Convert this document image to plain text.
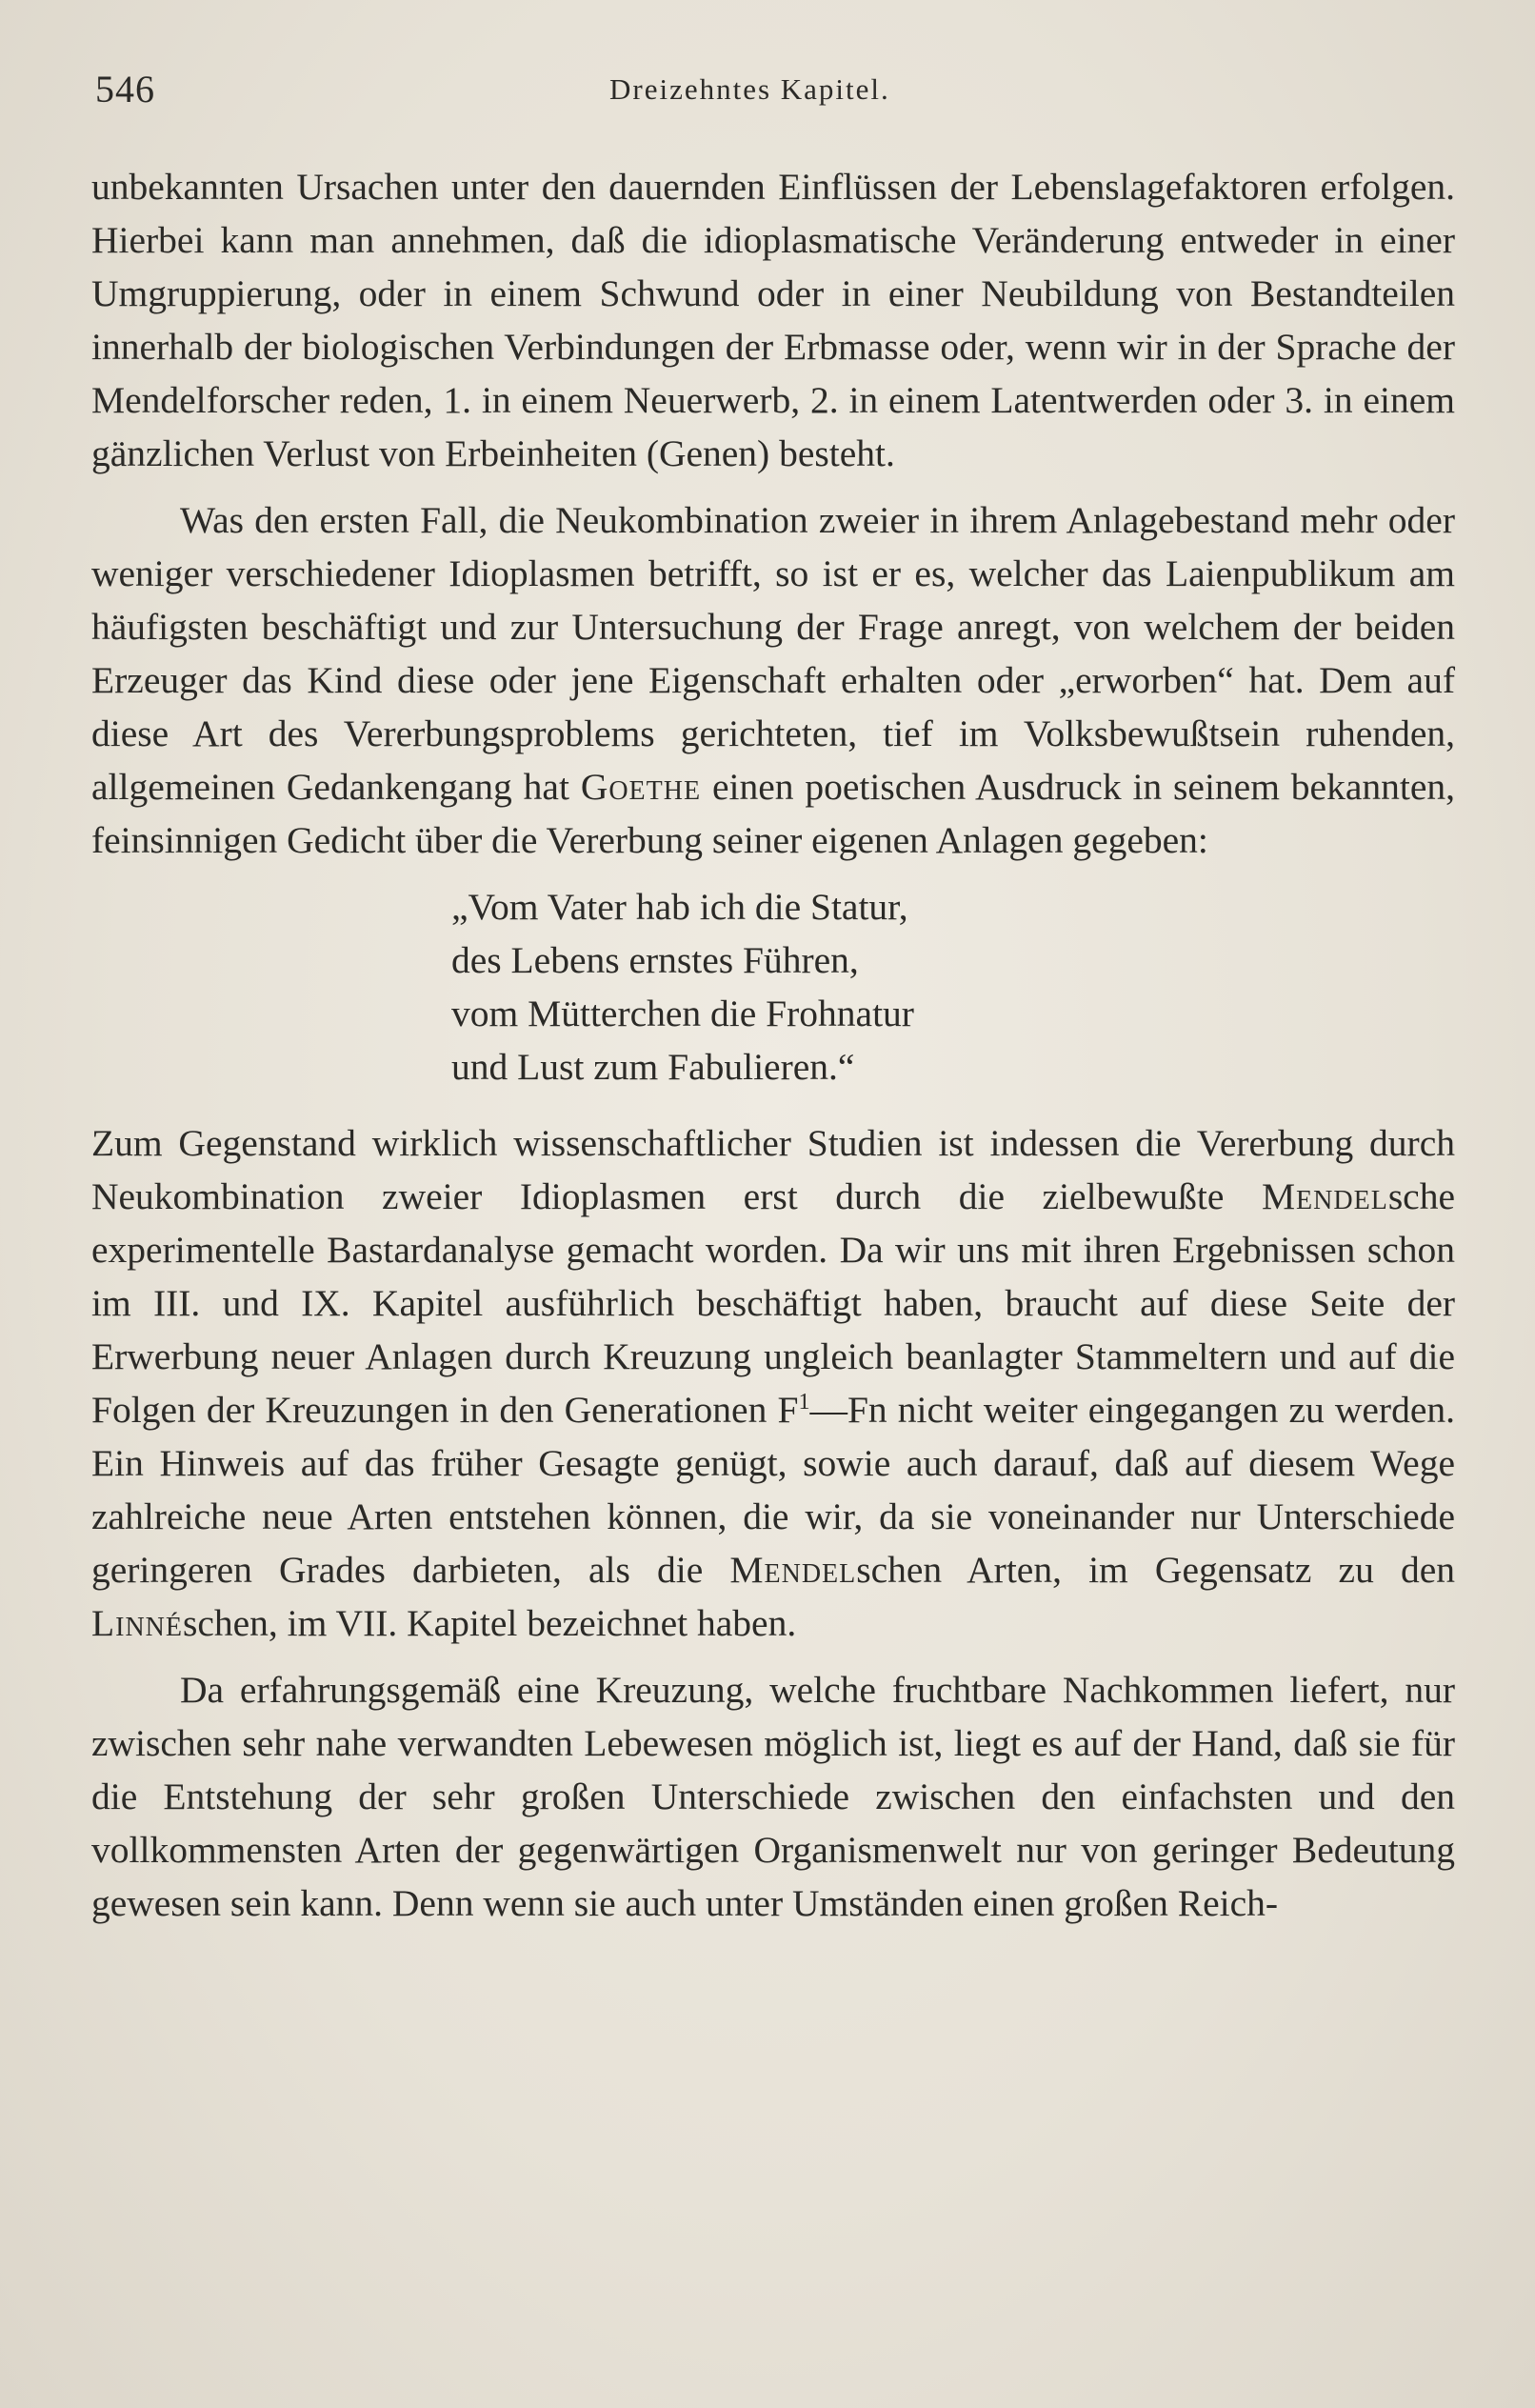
546	Dreizehntes Kapitel.

unbekannten Ursachen unter den dauernden Einflüssen der Lebenslagefaktoren erfolgen. Hierbei kann man annehmen, daß die idioplasmatische Veränderung entweder in einer Umgruppierung, oder in einem Schwund oder in einer Neubildung von Bestandteilen innerhalb der biologischen Verbindungen der Erbmasse oder, wenn wir in der Sprache der Mendelforscher reden, 1. in einem Neuerwerb, 2. in einem Latentwerden oder 3. in einem gänzlichen Verlust von Erbeinheiten (Genen) besteht.

Was den ersten Fall, die Neukombination zweier in ihrem Anlagebestand mehr oder weniger verschiedener Idioplasmen betrifft, so ist er es, welcher das Laienpublikum am häufigsten beschäftigt und zur Untersuchung der Frage anregt, von welchem der beiden Erzeuger das Kind diese oder jene Eigenschaft erhalten oder „erworben“ hat. Dem auf diese Art des Vererbungsproblems gerichteten, tief im Volksbewußtsein ruhenden, allgemeinen Gedankengang hat Goethe einen poetischen Ausdruck in seinem bekannten, feinsinnigen Gedicht über die Vererbung seiner eigenen Anlagen gegeben:

„Vom Vater hab ich die Statur,
des Lebens ernstes Führen,
vom Mütterchen die Frohnatur
und Lust zum Fabulieren.“

Zum Gegenstand wirklich wissenschaftlicher Studien ist indessen die Vererbung durch Neukombination zweier Idioplasmen erst durch die zielbewußte Mendelsche experimentelle Bastardanalyse gemacht worden. Da wir uns mit ihren Ergebnissen schon im III. und IX. Kapitel ausführlich beschäftigt haben, braucht auf diese Seite der Erwerbung neuer Anlagen durch Kreuzung ungleich beanlagter Stammeltern und auf die Folgen der Kreuzungen in den Generationen $F^1—Fn$ nicht weiter eingegangen zu werden. Ein Hinweis auf das früher Gesagte genügt, sowie auch darauf, daß auf diesem Wege zahlreiche neue Arten entstehen können, die wir, da sie voneinander nur Unterschiede geringeren Grades darbieten, als die Mendelschen Arten, im Gegensatz zu den Linnéschen, im VII. Kapitel bezeichnet haben.

Da erfahrungsgemäß eine Kreuzung, welche fruchtbare Nachkommen liefert, nur zwischen sehr nahe verwandten Lebewesen möglich ist, liegt es auf der Hand, daß sie für die Entstehung der sehr großen Unterschiede zwischen den einfachsten und den vollkommensten Arten der gegenwärtigen Organismenwelt nur von geringer Bedeutung gewesen sein kann. Denn wenn sie auch unter Umständen einen großen Reich-
